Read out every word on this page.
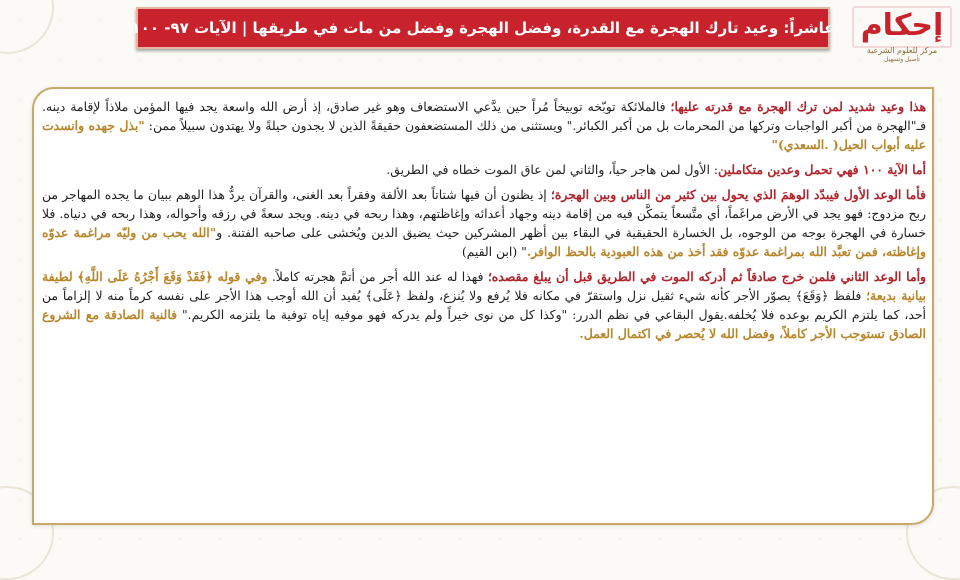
عاشراً: وعيد تارك الهجرة مع القدرة، وفضل الهجرة وفضل من مات في طريقها | الآيات ٩٧- ١٠٠ إحكام
مركز للعلوم الشرعية
تأصيل وتسهيل

هذا وعيد شديد لمن ترك الهجرة مع قدرته عليها؛ فالملائكة توبّخه توبيخاً مُراً حين يدَّعي الاستضعاف وهو غير صادق، إذ أرض الله واسعة يجد فيها المؤمن ملاذاً لإقامة دينه. فـ"الهجرة من أكبر الواجبات وتركها من المحرمات بل من أكبر الكبائر." ويستثنى من ذلك المستضعفون حقيقةً الذين لا يجدون حيلةً ولا يهتدون سبيلاً ممن: "بذل جهده وانسدت عليه أبواب الحيل( .السعدي)"

أما الآية ١٠٠ فهي تحمل وعدين متكاملين: الأول لمن هاجر حياً، والثاني لمن عاق الموت خطاه في الطريق.

فأما الوعد الأول فيبدّد الوهمَ الذي يحول بين كثير من الناس وبين الهجرة؛ إذ يظنون أن فيها شتاتاً بعد الألفة وفقراً بعد الغنى، والقرآن يردُّ هذا الوهم ببيان ما يجده المهاجر من ربح مزدوج: فهو يجد في الأرض مراغَماً، أي متَّسعاً يتمكَّن فيه من إقامة دينه وجهاد أعدائه وإغاظتهم، وهذا ربحه في دينه. ويجد سعةً في رزقه وأحواله، وهذا ربحه في دنياه. فلا خسارة في الهجرة بوجه من الوجوه، بل الخسارة الحقيقية في البقاء بين أظهر المشركين حيث يضيق الدين ويُخشى على صاحبه الفتنة. و"الله يحب من وليّه مراغمة عدوّه وإغاظته، فمن تعبَّد الله بمراغمة عدوّه فقد أخذ من هذه العبودية بالحظ الوافر." (ابن القيم)

وأما الوعد الثاني فلمن خرج صادقاً ثم أدركه الموت في الطريق قبل أن يبلغ مقصده؛ فهذا له عند الله أجر من أتمَّ هجرته كاملاً. وفي قوله ﴿فَقَدْ وَقَعَ أَجْرُهُ عَلَى اللَّهِ﴾ لطيفة بيانية بديعة؛ فلفظ ﴿وَقَعَ﴾ يصوّر الأجر كأنه شيء ثقيل نزل واستقرّ في مكانه فلا يُرفع ولا يُنزع، ولفظ ﴿عَلَى﴾ يُفيد أن الله أوجب هذا الأجر على نفسه كرماً منه لا إلزاماً من أحد، كما يلتزم الكريم بوعده فلا يُخلفه.يقول البقاعي في نظم الدرر: "وكذا كل من نوى خيراً ولم يدركه فهو موفيه إياه توفية ما يلتزمه الكريم." فالنية الصادقة مع الشروع الصادق تستوجب الأجر كاملاً، وفضل الله لا يُحصر في اكتمال العمل.
